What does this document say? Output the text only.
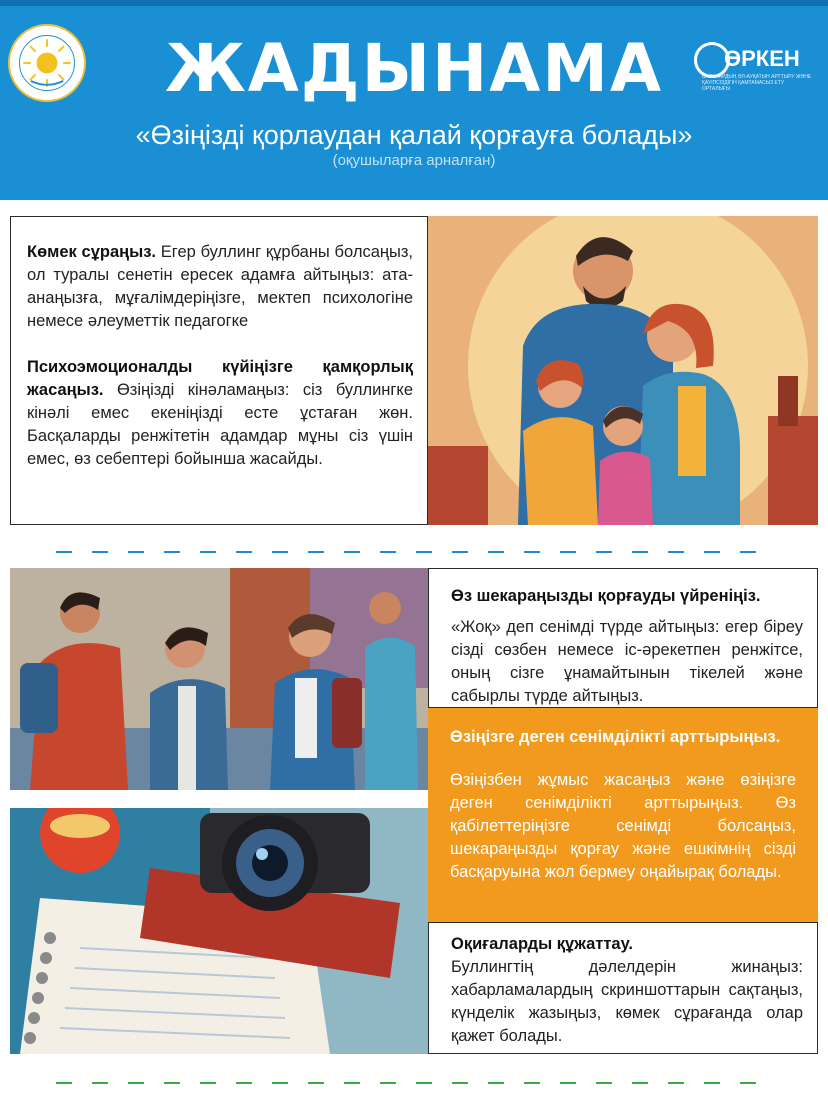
ЖАДЫНАМА	ӨРКЕН
БАЛАЛАРДЫҢ ӘЛ-АУҚАТЫН АРТТЫРУ ЖӘНЕ ҚАУІПСІЗДІГІН ҚАМТАМАСЫЗ ЕТУ ОРТАЛЫҒЫ
«Өзіңізді қорлаудан қалай қорғауға болады»
(оқушыларға арналған)

Көмек сұраңыз. Егер буллинг құрбаны болсаңыз, ол туралы сенетін ересек адамға айтыңыз: ата-анаңызға, мұғалімдеріңізге, мектеп психологіне немесе әлеуметтік педагогке

Психоэмоционалды күйіңізге қамқорлық жасаңыз. Өзіңізді кінәламаңыз: сіз буллингке кінәлі емес екеніңізді есте ұстаған жөн. Басқаларды ренжітетін адамдар мұны сіз үшін емес, өз себептері бойынша жасайды.

Өз шекараңызды қорғауды үйреніңіз.

«Жоқ» деп сенімді түрде айтыңыз: егер біреу сізді сөзбен немесе іс-әрекетпен ренжітсе, оның сізге ұнамайтынын тікелей және сабырлы түрде айтыңыз.

Өзіңізге деген сенімділікті арттырыңыз.

Өзіңізбен жұмыс жасаңыз және өзіңізге деген сенімділікті арттырыңыз. Өз қабілеттеріңізге сенімді болсаңыз, шекараңызды қорғау және ешкімнің сізді басқаруына жол бермеу оңайырақ болады.

Оқиғаларды құжаттау.

Буллингтің дәлелдерін жинаңыз: хабарламалардың скриншоттарын сақтаңыз, күнделік жазыңыз, көмек сұрағанда олар қажет болады.
